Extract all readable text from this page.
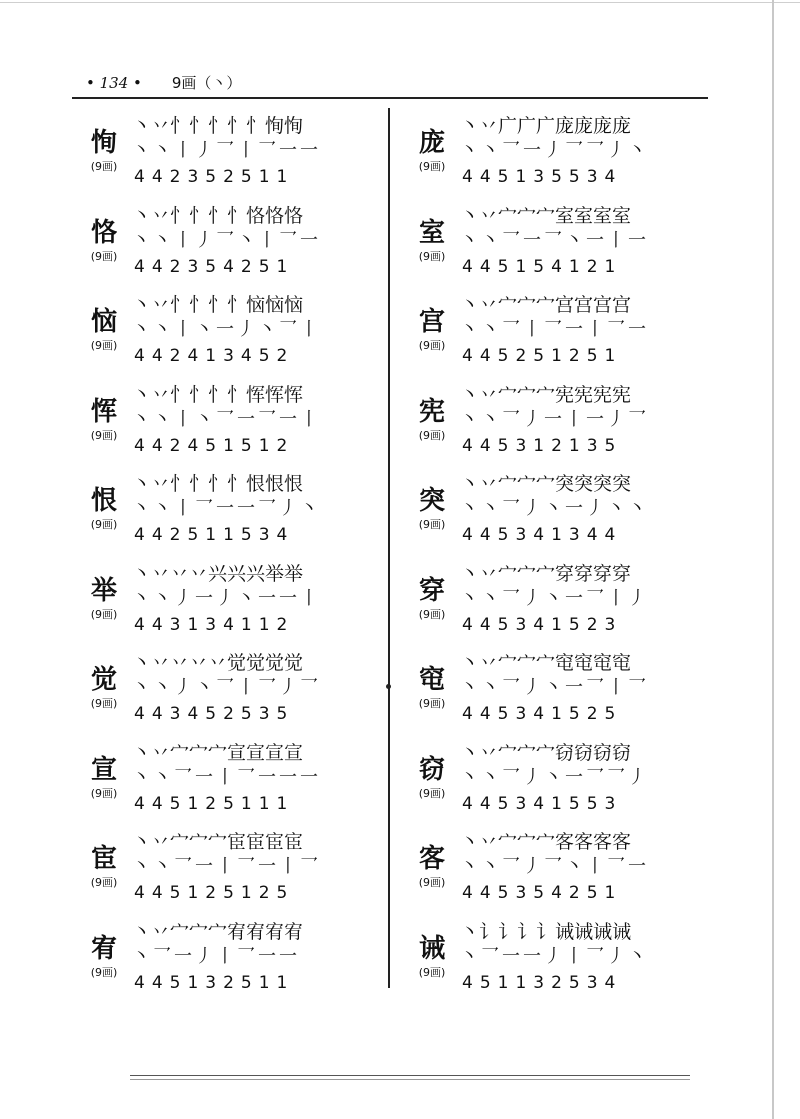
• 134 • 9画（丶）
恂
(9画)
丶丷忄忄忄忄忄恂恂
丶丶丨丿乛丨乛一一
442352511
恪
(9画)
丶丷忄忄忄忄恪恪恪
丶丶丨丿乛丶丨乛一
442354251
恼
(9画)
丶丷忄忄忄忄恼恼恼
丶丶丨丶一丿丶乛丨
442413452
恽
(9画)
丶丷忄忄忄忄恽恽恽
丶丶丨丶乛一乛一丨
442451512
恨
(9画)
丶丷忄忄忄忄恨恨恨
丶丶丨乛一一乛丿丶
442511534
举
(9画)
丶丷丷丷兴兴兴举举
丶丶丿一丿丶一一丨
443134112
觉
(9画)
丶丷丷丷丷觉觉觉觉
丶丶丿丶乛丨乛丿乛
443452535
宣
(9画)
丶丷宀宀宀宣宣宣宣
丶丶乛一丨乛一一一
445125111
宦
(9画)
丶丷宀宀宀宦宦宦宦
丶丶乛一丨乛一丨乛
445125125
宥
(9画)
丶丷宀宀宀宥宥宥宥
丶乛一丿丨乛一一
445132511
庞
(9画)
丶丷广广广庞庞庞庞
丶丶乛一丿乛乛丿丶
445135534
室
(9画)
丶丷宀宀宀室室室室
丶丶乛一乛丶一丨一
445154121
宫
(9画)
丶丷宀宀宀宫宫宫宫
丶丶乛丨乛一丨乛一
445251251
宪
(9画)
丶丷宀宀宀宪宪宪宪
丶丶乛丿一丨一丿乛
445312135
突
(9画)
丶丷宀宀宀突突突突
丶丶乛丿丶一丿丶丶
445341344
穿
(9画)
丶丷宀宀宀穿穿穿穿
丶丶乛丿丶一乛丨丿
445341523
窀
(9画)
丶丷宀宀宀窀窀窀窀
丶丶乛丿丶一乛丨乛
445341525
窃
(9画)
丶丷宀宀宀窃窃窃窃
丶丶乛丿丶一乛乛丿
445341553
客
(9画)
丶丷宀宀宀客客客客
丶丶乛丿乛丶丨乛一
445354251
诫
(9画)
丶讠讠讠讠诫诫诫诫
丶乛一一丿丨乛丿丶
451132534
